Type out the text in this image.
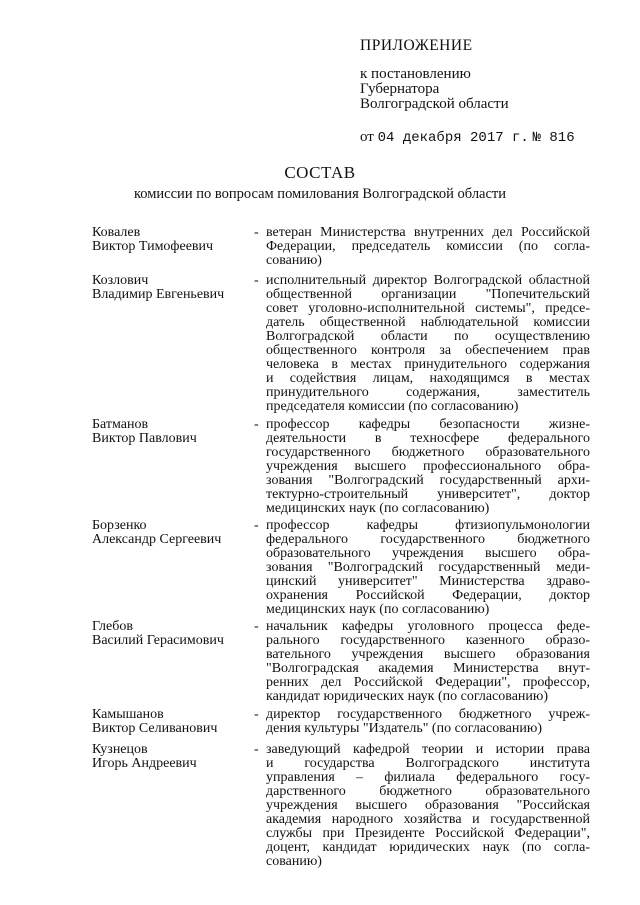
ПРИЛОЖЕНИЕ
к постановлению
Губернатора
Волгоградской области
от 04 декабря 2017 г. № 816
СОСТАВ
комиссии по вопросам помилования Волгоградской области
Ковалев
Виктор Тимофеевич
- ветеран Министерства внутренних дел Российской
Федерации, председатель комиссии (по согла-
сованию)
Козлович
Владимир Евгеньевич
- исполнительный директор Волгоградской областной
общественной организации "Попечительский
совет уголовно-исполнительной системы", предсе-
датель общественной наблюдательной комиссии
Волгоградской области по осуществлению
общественного контроля за обеспечением прав
человека в местах принудительного содержания
и содействия лицам, находящимся в местах
принудительного содержания, заместитель
председателя комиссии (по согласованию)
Батманов
Виктор Павлович
- профессор кафедры безопасности жизне-
деятельности в техносфере федерального
государственного бюджетного образовательного
учреждения высшего профессионального обра-
зования "Волгоградский государственный архи-
тектурно-строительный университет", доктор
медицинских наук (по согласованию)
Борзенко
Александр Сергеевич
- профессор кафедры фтизиопульмонологии
федерального государственного бюджетного
образовательного учреждения высшего обра-
зования "Волгоградский государственный меди-
цинский университет" Министерства здраво-
охранения Российской Федерации, доктор
медицинских наук (по согласованию)
Глебов
Василий Герасимович
- начальник кафедры уголовного процесса феде-
рального государственного казенного образо-
вательного учреждения высшего образования
"Волгоградская академия Министерства внут-
ренних дел Российской Федерации", профессор,
кандидат юридических наук (по согласованию)
Камышанов
Виктор Селиванович
- директор государственного бюджетного учреж-
дения культуры "Издатель" (по согласованию)
Кузнецов
Игорь Андреевич
- заведующий кафедрой теории и истории права
и государства Волгоградского института
управления – филиала федерального госу-
дарственного бюджетного образовательного
учреждения высшего образования "Российская
академия народного хозяйства и государственной
службы при Президенте Российской Федерации",
доцент, кандидат юридических наук (по согла-
сованию)
